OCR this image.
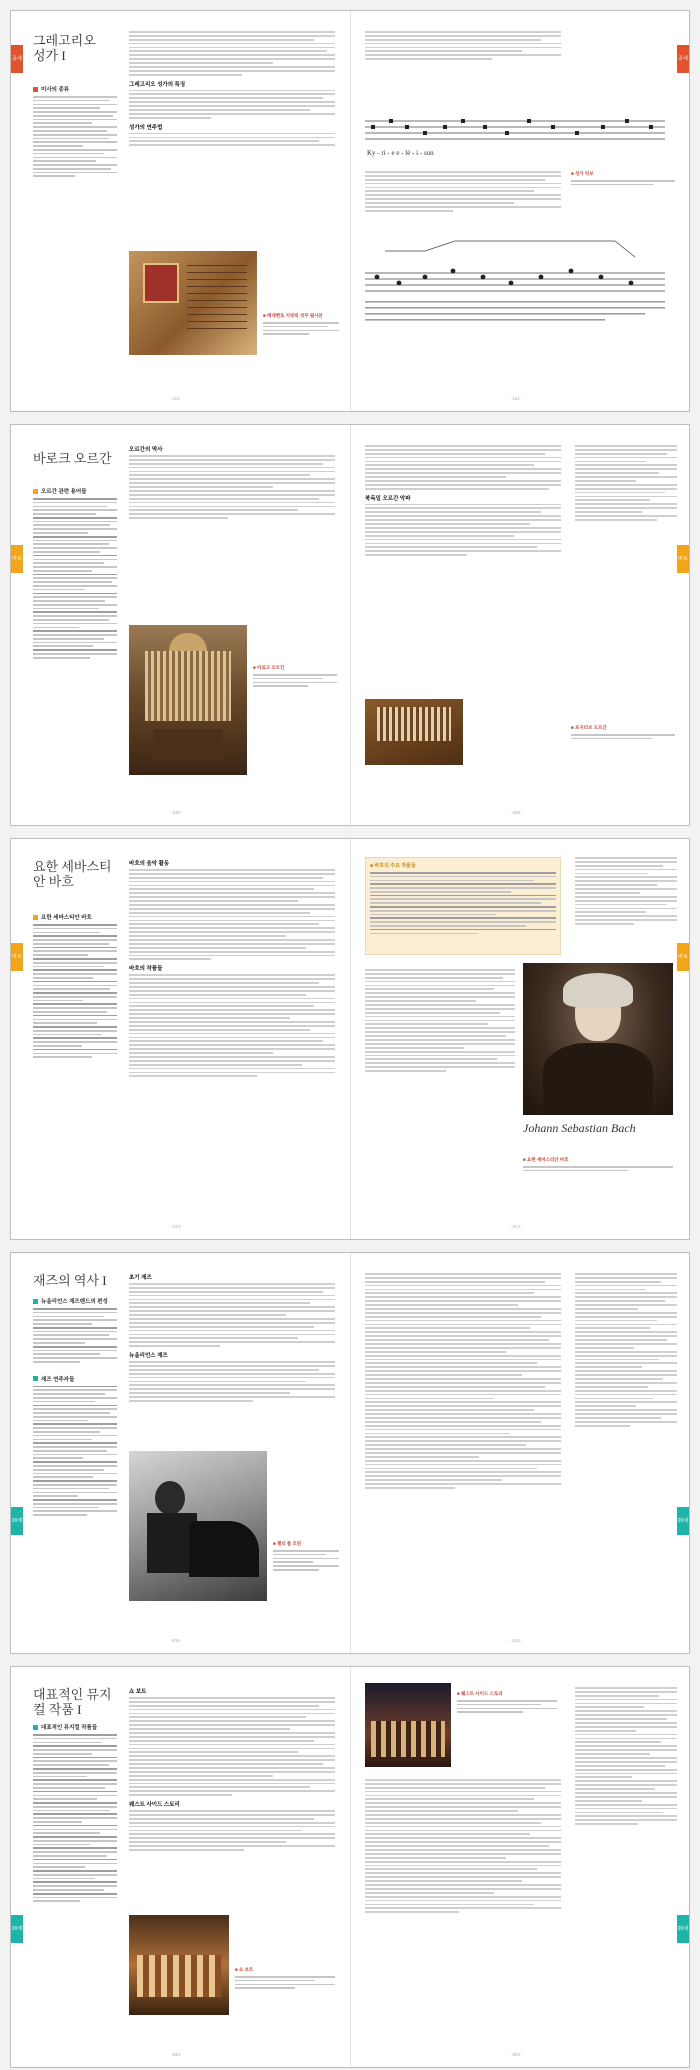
중세	중세
그레고리오 성가 I
미사의 종류
그레고리오 성가의 특징
성가의 연주법
■ 베네벤토 지방의 성무 필사본
-111-
Ky - ri - e e - lé - i - son
■ 성가 악보
-112-
바로크
바로크
바로크 오르간
오르간 관련 용어들
오르간의 역사
■ 바로크 오르간
-345-
북독일 오르간 악파
■ 포지티브 오르간
-346-
바로크
바로크
요한 세바스티안 바흐
요한 세바스티안 바흐
바흐의 음악 활동
바흐의 작품들
-373-
■ 바흐의 주요 작품들
Johann Sebastian Bach
■ 요한 세바스티안 바흐
-374-
20세기
20세기
재즈의 역사 I
뉴올리언스 재즈밴드의 편성
재즈 연주자들
초기 재즈
뉴올리언스 재즈
■ 젤리 롤 모턴
-811-	-812-
20세기
20세기
대표적인 뮤지컬 작품 I
대표적인 뮤지컬 작품들
쇼 보트
웨스트 사이드 스토리
■ 쇼 보트
-843-
■ 웨스트 사이드 스토리
-844-
